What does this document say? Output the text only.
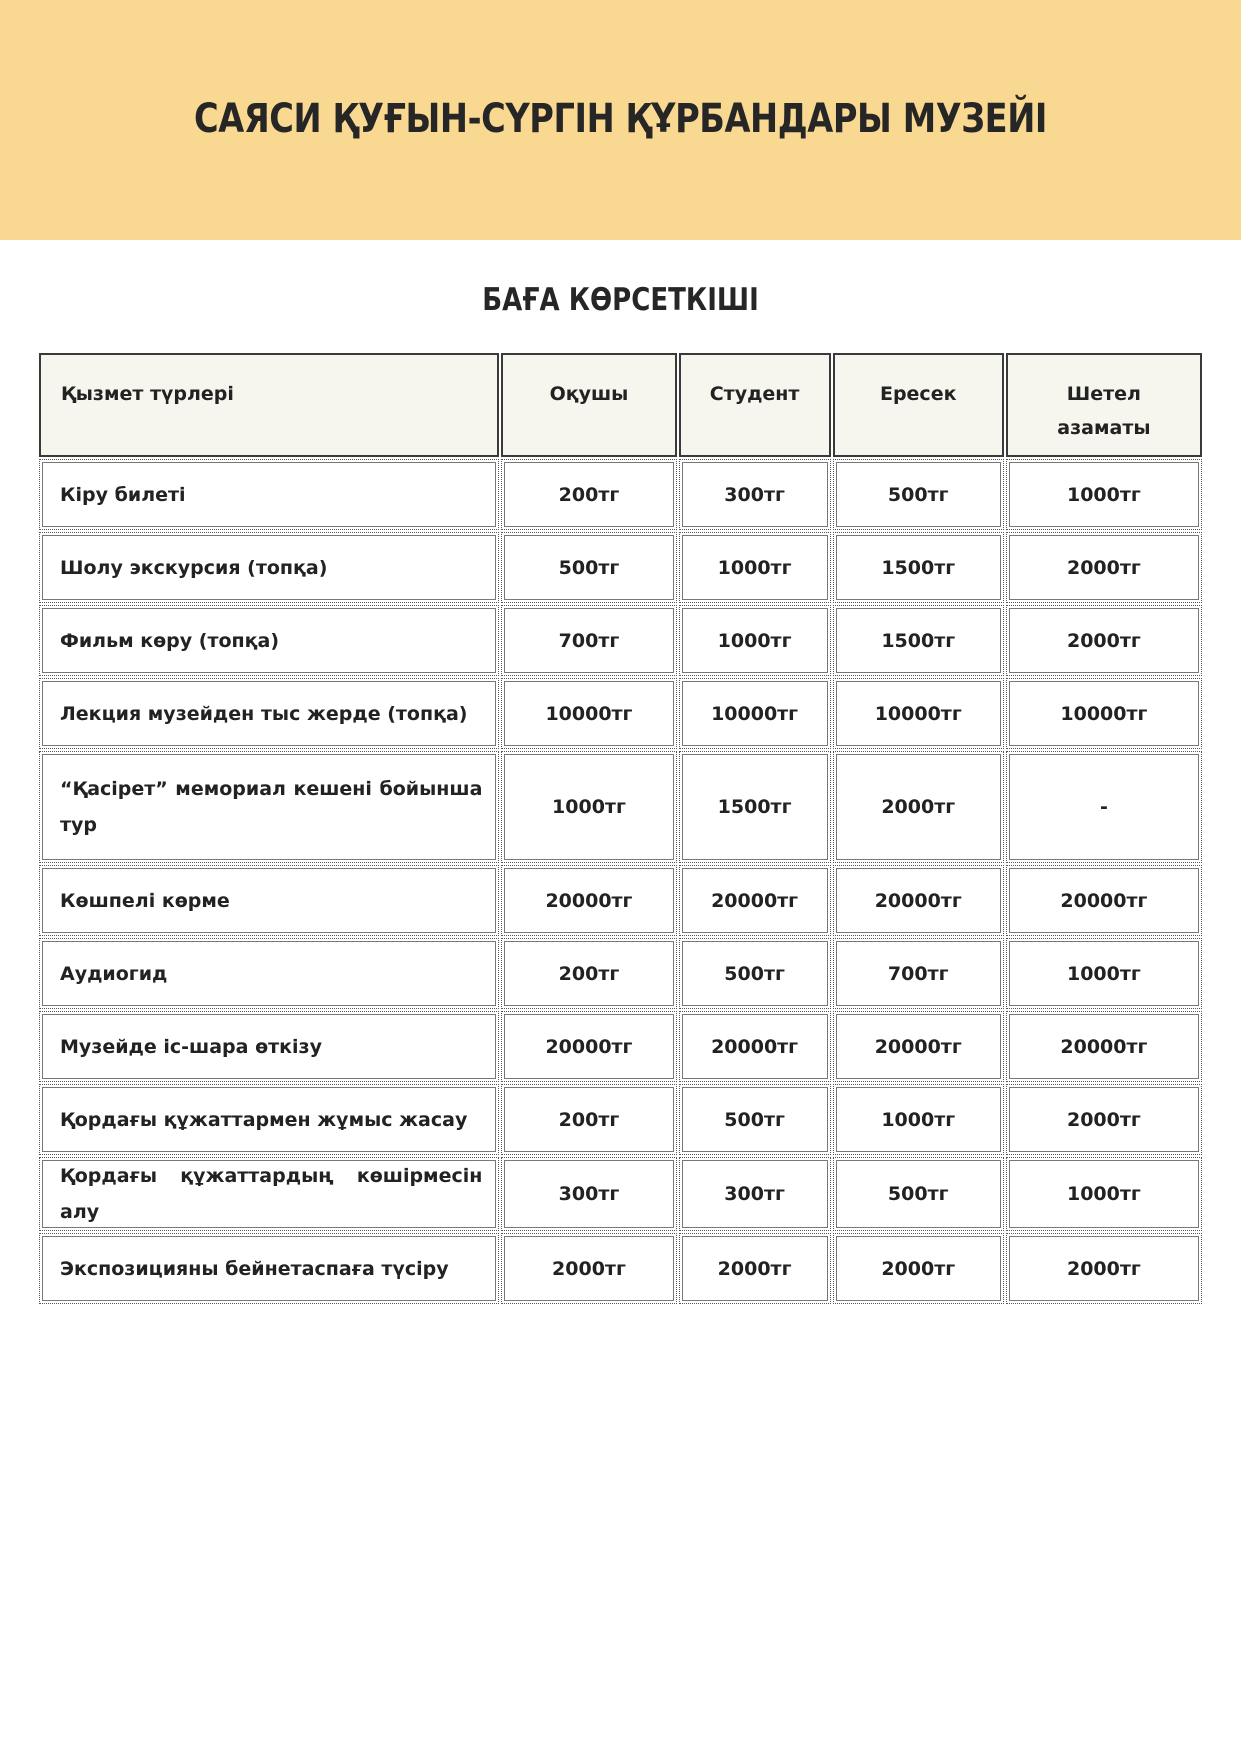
САЯСИ ҚУҒЫН-СҮРГІН ҚҰРБАНДАРЫ МУЗЕЙІ
БАҒА КӨРСЕТКІШІ
Қызмет түрлері	Оқушы	Студент	Ересек	Шетел азаматы
Кіру билеті	200тг	300тг	500тг	1000тг
Шолу экскурсия (топқа)	500тг	1000тг	1500тг	2000тг
Фильм көру (топқа)	700тг	1000тг	1500тг	2000тг
Лекция музейден тыс жерде (топқа)	10000тг	10000тг	10000тг	10000тг
“Қасірет” мемориал кешені бойынша тур	1000тг	1500тг	2000тг	-
Көшпелі көрме	20000тг	20000тг	20000тг	20000тг
Аудиогид	200тг	500тг	700тг	1000тг
Музейде іс-шара өткізу	20000тг	20000тг	20000тг	20000тг
Қордағы құжаттармен жұмыс жасау	200тг	500тг	1000тг	2000тг
Қордағы құжаттардың көшірмесін алу	300тг	300тг	500тг	1000тг
Экспозицияны бейнетаспаға түсіру	2000тг	2000тг	2000тг	2000тг
